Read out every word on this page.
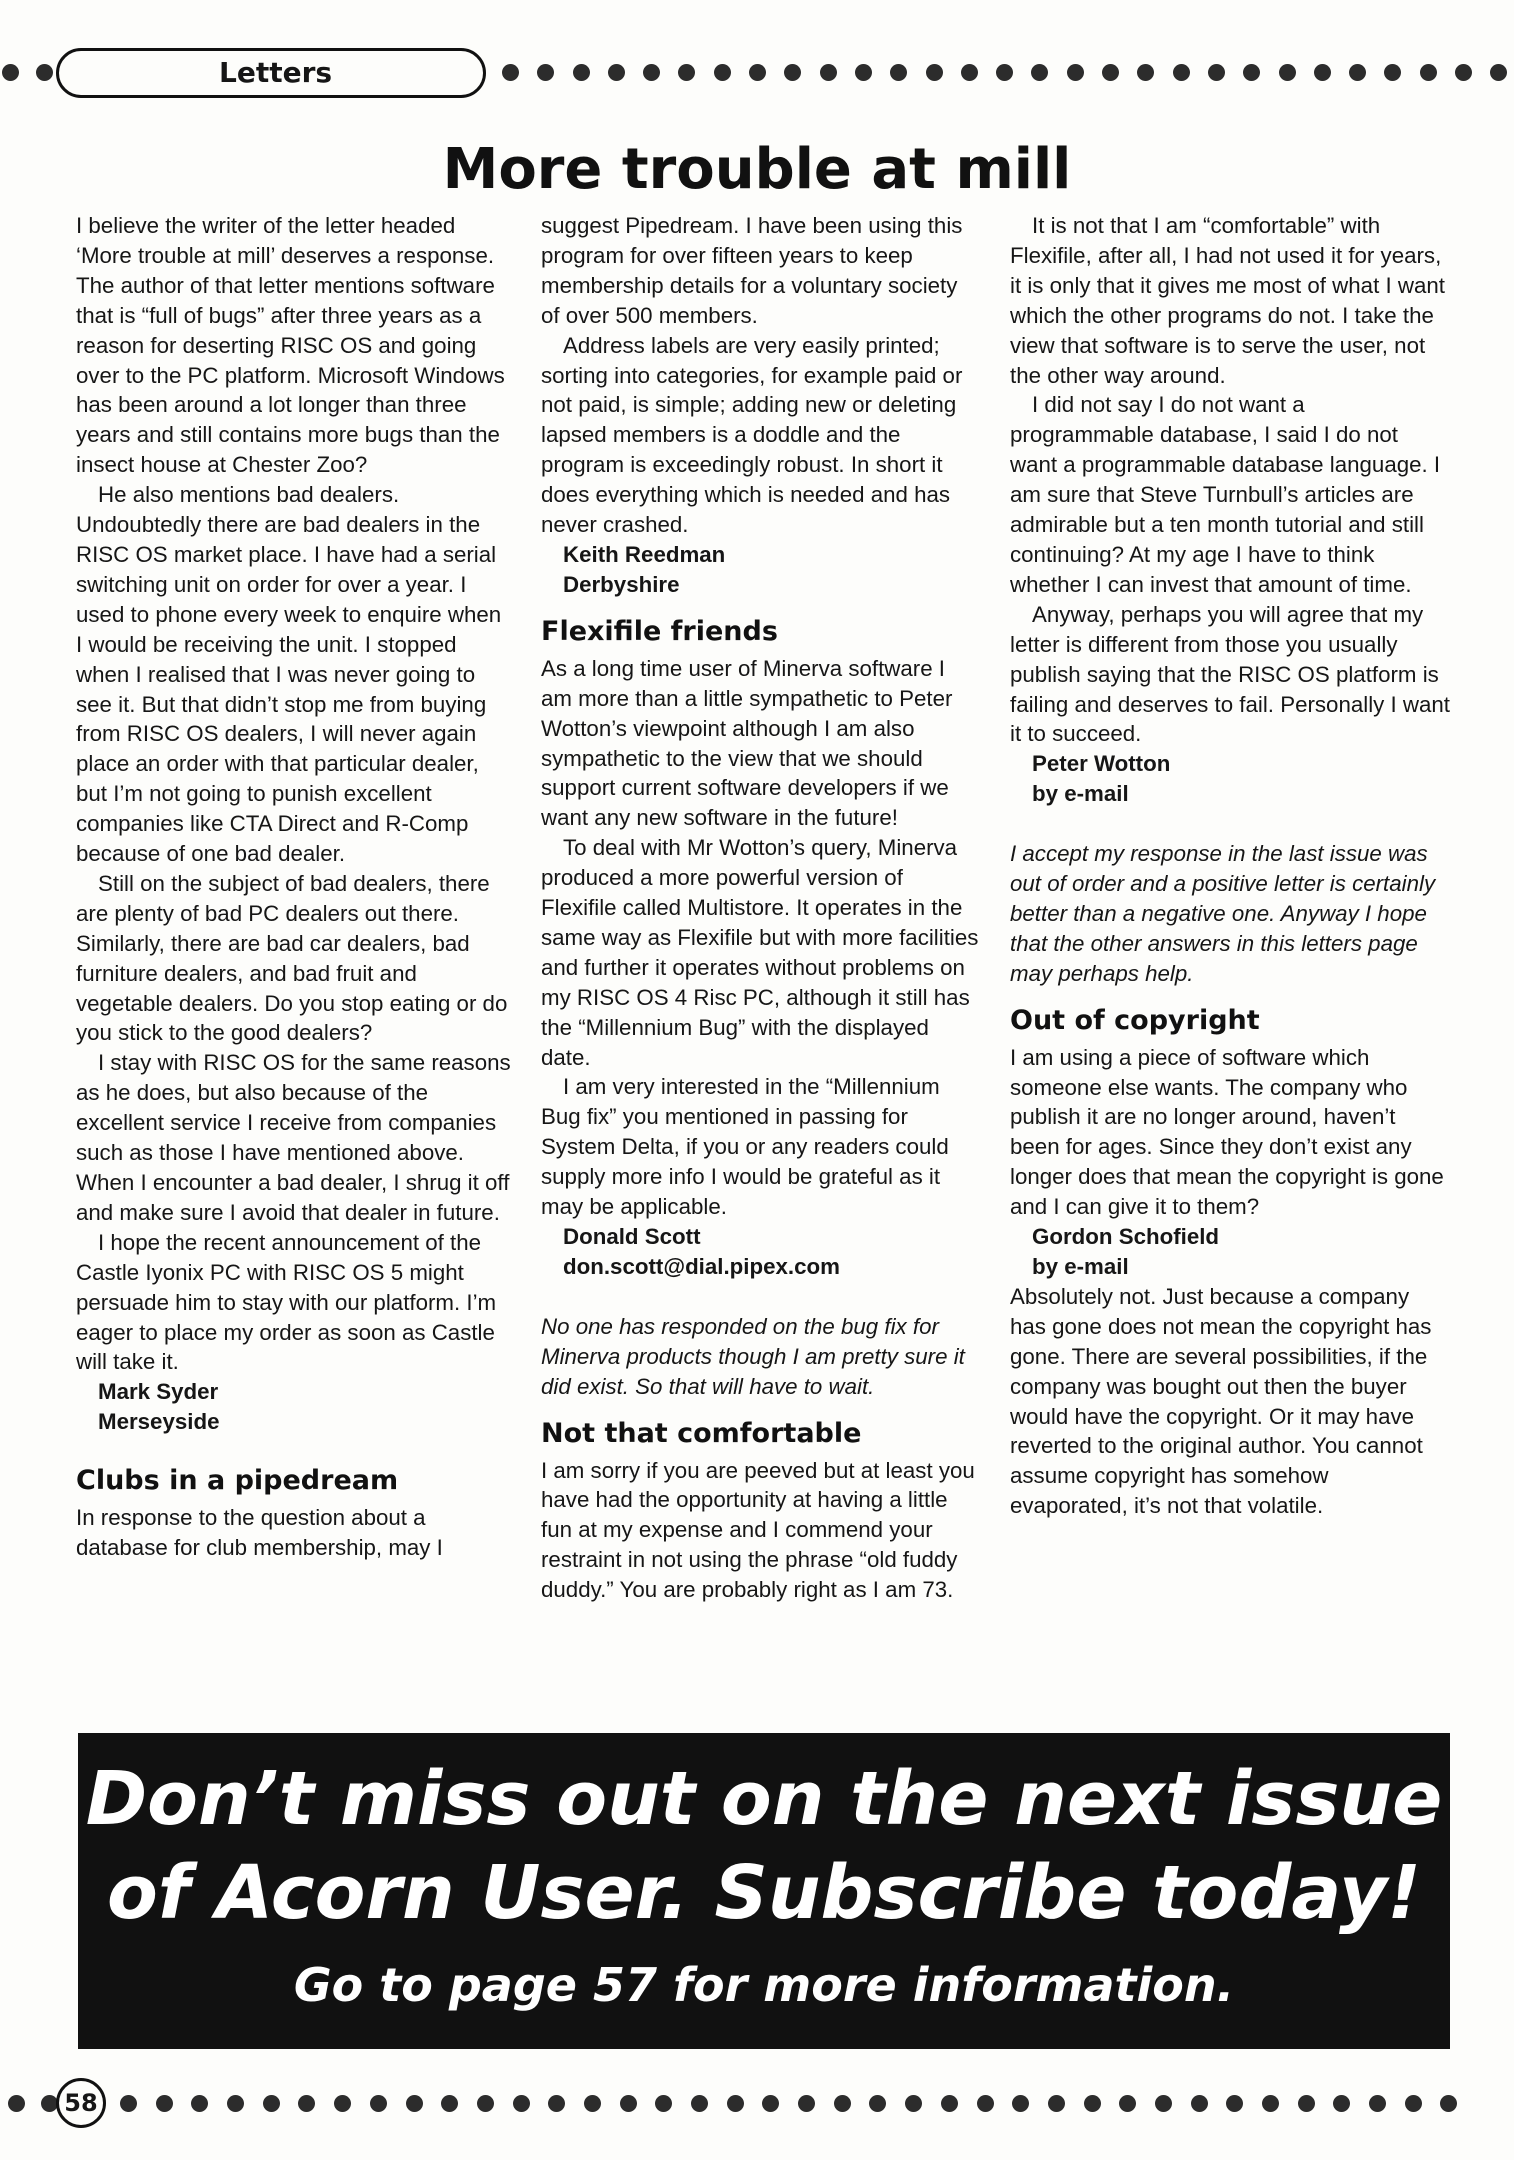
Letters
More trouble at mill

I believe the writer of the letter headed ‘More trouble at mill’ deserves a response. The author of that letter mentions software that is “full of bugs” after three years as a reason for deserting RISC OS and going over to the PC platform. Microsoft Windows has been around a lot longer than three years and still contains more bugs than the insect house at Chester Zoo?

He also mentions bad dealers. Undoubtedly there are bad dealers in the RISC OS market place. I have had a serial switching unit on order for over a year. I used to phone every week to enquire when I would be receiving the unit. I stopped when I realised that I was never going to see it. But that didn’t stop me from buying from RISC OS dealers, I will never again place an order with that particular dealer, but I’m not going to punish excellent companies like CTA Direct and R-Comp because of one bad dealer.

Still on the subject of bad dealers, there are plenty of bad PC dealers out there. Similarly, there are bad car dealers, bad furniture dealers, and bad fruit and vegetable dealers. Do you stop eating or do you stick to the good dealers?

I stay with RISC OS for the same reasons as he does, but also because of the excellent service I receive from companies such as those I have mentioned above. When I encounter a bad dealer, I shrug it off and make sure I avoid that dealer in future.

I hope the recent announcement of the Castle Iyonix PC with RISC OS 5 might persuade him to stay with our platform. I’m eager to place my order as soon as Castle will take it.

Mark Syder
Merseyside
Clubs in a pipedream

In response to the question about a database for club membership, may I

suggest Pipedream. I have been using this program for over fifteen years to keep membership details for a voluntary society of over 500 members.

Address labels are very easily printed; sorting into categories, for example paid or not paid, is simple; adding new or deleting lapsed members is a doddle and the program is exceedingly robust. In short it does everything which is needed and has never crashed.

Keith Reedman
Derbyshire
Flexifile friends

As a long time user of Minerva software I am more than a little sympathetic to Peter Wotton’s viewpoint although I am also sympathetic to the view that we should support current software developers if we want any new software in the future!

To deal with Mr Wotton’s query, Minerva produced a more powerful version of Flexifile called Multistore. It operates in the same way as Flexifile but with more facilities and further it operates without problems on my RISC OS 4 Risc PC, although it still has the “Millennium Bug” with the displayed date.

I am very interested in the “Millennium Bug fix” you mentioned in passing for System Delta, if you or any readers could supply more info I would be grateful as it may be applicable.

Donald Scott
don.scott@dial.pipex.com

No one has responded on the bug fix for Minerva products though I am pretty sure it did exist. So that will have to wait.

Not that comfortable

I am sorry if you are peeved but at least you have had the opportunity at having a little fun at my expense and I commend your restraint in not using the phrase “old fuddy duddy.” You are probably right as I am 73.

It is not that I am “comfortable” with Flexifile, after all, I had not used it for years, it is only that it gives me most of what I want which the other programs do not. I take the view that software is to serve the user, not the other way around.

I did not say I do not want a programmable database, I said I do not want a programmable database language. I am sure that Steve Turnbull’s articles are admirable but a ten month tutorial and still continuing? At my age I have to think whether I can invest that amount of time.

Anyway, perhaps you will agree that my letter is different from those you usually publish saying that the RISC OS platform is failing and deserves to fail. Personally I want it to succeed.

Peter Wotton
by e-mail

I accept my response in the last issue was out of order and a positive letter is certainly better than a negative one. Anyway I hope that the other answers in this letters page may perhaps help.

Out of copyright

I am using a piece of software which someone else wants. The company who publish it are no longer around, haven’t been for ages. Since they don’t exist any longer does that mean the copyright is gone and I can give it to them?

Gordon Schofield
by e-mail

Absolutely not. Just because a company has gone does not mean the copyright has gone. There are several possibilities, if the company was bought out then the buyer would have the copyright. Or it may have reverted to the original author. You cannot assume copyright has somehow evaporated, it’s not that volatile.

Don’t miss out on the next issue
of Acorn User. Subscribe today!
Go to page 57 for more information.
58
